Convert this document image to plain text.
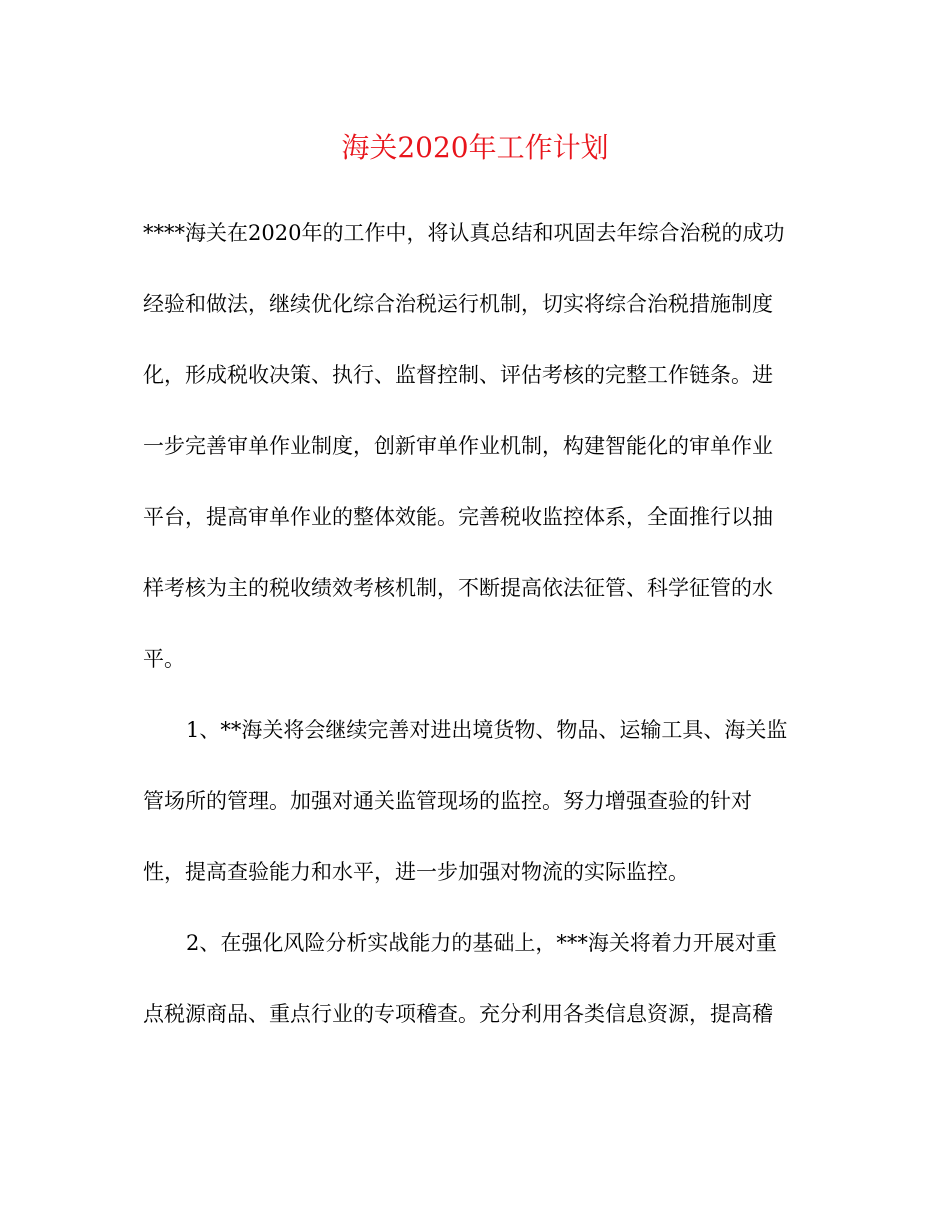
海关2020年工作计划
****海关在2020年的工作中，将认真总结和巩固去年综合治税的成功
经验和做法，继续优化综合治税运行机制，切实将综合治税措施制度
化，形成税收决策、执行、监督控制、评估考核的完整工作链条。进
一步完善审单作业制度，创新审单作业机制，构建智能化的审单作业
平台，提高审单作业的整体效能。完善税收监控体系，全面推行以抽
样考核为主的税收绩效考核机制，不断提高依法征管、科学征管的水
平。
1、**海关将会继续完善对进出境货物、物品、运输工具、海关监
管场所的管理。加强对通关监管现场的监控。努力增强查验的针对
性，提高查验能力和水平，进一步加强对物流的实际监控。
2、在强化风险分析实战能力的基础上，***海关将着力开展对重
点税源商品、重点行业的专项稽查。充分利用各类信息资源，提高稽
